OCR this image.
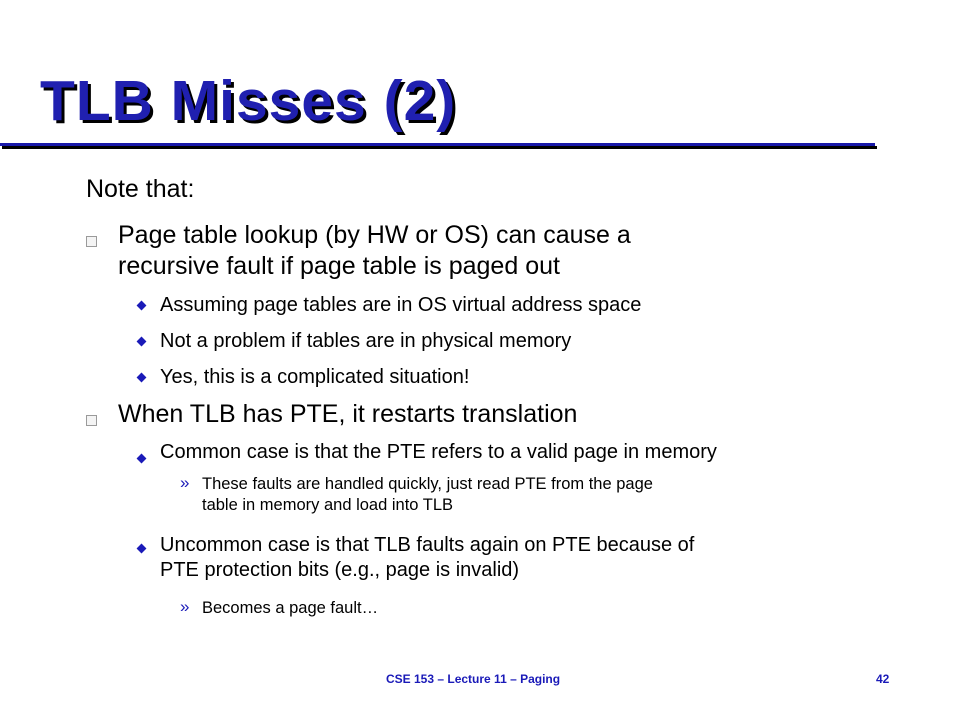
TLB Misses (2)
Note that:
Page table lookup (by HW or OS) can cause a
recursive fault if page table is paged out
Assuming page tables are in OS virtual address space
Not a problem if tables are in physical memory
Yes, this is a complicated situation!
When TLB has PTE, it restarts translation
Common case is that the PTE refers to a valid page in memory
» These faults are handled quickly, just read PTE from the page
table in memory and load into TLB
Uncommon case is that TLB faults again on PTE because of
PTE protection bits (e.g., page is invalid)
» Becomes a page fault…
CSE 153 – Lecture 11 – Paging	42
